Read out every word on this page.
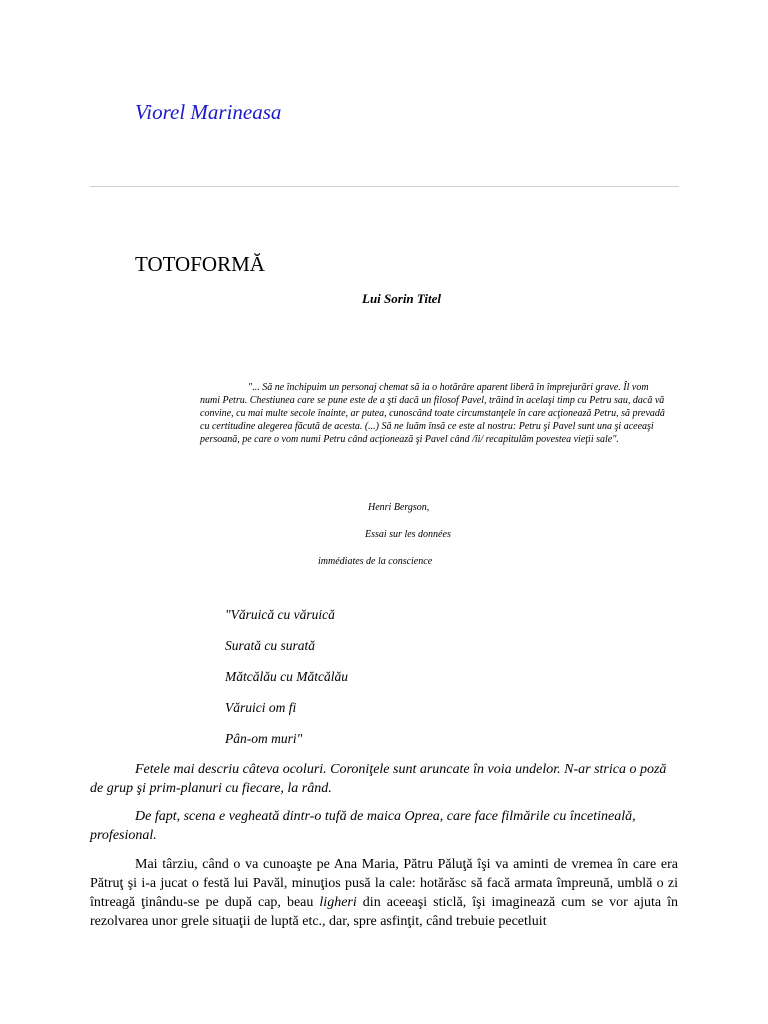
Viorel Marineasa
TOTOFORMĂ
Lui Sorin Titel

"... Să ne închipuim un personaj chemat să ia o hotărâre aparent liberă în împrejurări grave. Îl vom numi Petru. Chestiunea care se pune este de a şti dacă un filosof Pavel, trăind în acelaşi timp cu Petru sau, dacă vă convine, cu mai multe secole înainte, ar putea, cunoscând toate circumstanţele în care acţionează Petru, să prevadă cu certitudine alegerea făcută de acesta. (...) Să ne luăm însă ce este al nostru: Petru şi Pavel sunt una şi aceeaşi persoană, pe care o vom numi Petru când acţionează şi Pavel când /îi/ recapitulăm povestea vieţii sale".

Henri Bergson,
Essai sur les données
immédiates de la conscience
"Văruică cu văruică
Surată cu surată
Mătcălău cu Mătcălău
Văruici om fi
Pân-om muri"

Fetele mai descriu câteva ocoluri. Coroniţele sunt aruncate în voia undelor. N-ar strica o poză de grup şi prim-planuri cu fiecare, la rând.

De fapt, scena e vegheată dintr-o tufă de maica Oprea, care face filmările cu încetineală, profesional.

Mai târziu, când o va cunoaşte pe Ana Maria, Pătru Păluţă îşi va aminti de vremea în care era Pătruţ şi i-a jucat o festă lui Pavăl, minuţios pusă la cale: hotărăsc să facă armata împreună, umblă o zi întreagă ţinându-se pe după cap, beau ligheri din aceeaşi sticlă, îşi imaginează cum se vor ajuta în rezolvarea unor grele situaţii de luptă etc., dar, spre asfinţit, când trebuie pecetluit
